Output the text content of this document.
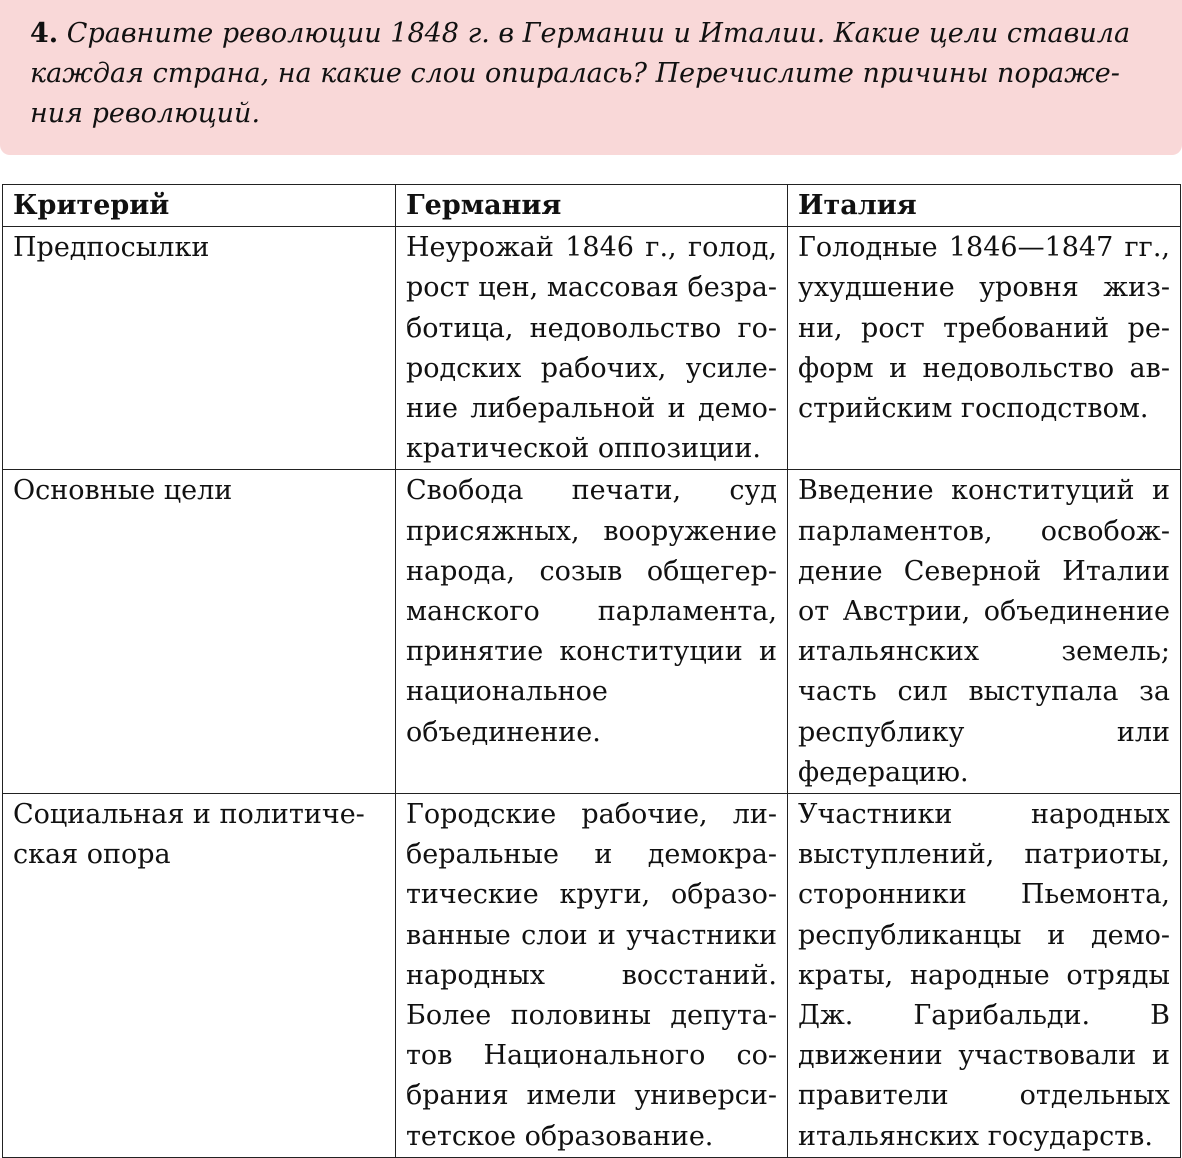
4. Сравните революции 1848 г. в Германии и Италии. Какие цели ставила каждая страна, на какие слои опиралась? Перечислите причины поражения революций.

Критерий	Германия	Италия
Предпосылки	Неурожай 1846 г., голод, рост цен, массовая безработица, недовольство городских рабочих, усиление либеральной и демократической оппозиции.	Голодные 1846—1847 гг., ухудшение уровня жизни, рост требований реформ и недовольство австрийским господством.
Основные цели	Свобода печати, суд присяжных, вооружение народа, созыв общегерманского парламента, принятие конституции и национальное объединение.	Введение конституций и парламентов, освобождение Северной Италии от Австрии, объединение итальянских земель; часть сил выступала за республику или федерацию.
Социальная и политическая опора	Городские рабочие, либеральные и демократические круги, образованные слои и участники народных восстаний. Более половины депутатов Национального собрания имели университетское образование.	Участники народных выступлений, патриоты, сторонники Пьемонта, республиканцы и демократы, народные отряды Дж. Гарибальди. В движении участвовали и правители отдельных итальянских государств.
